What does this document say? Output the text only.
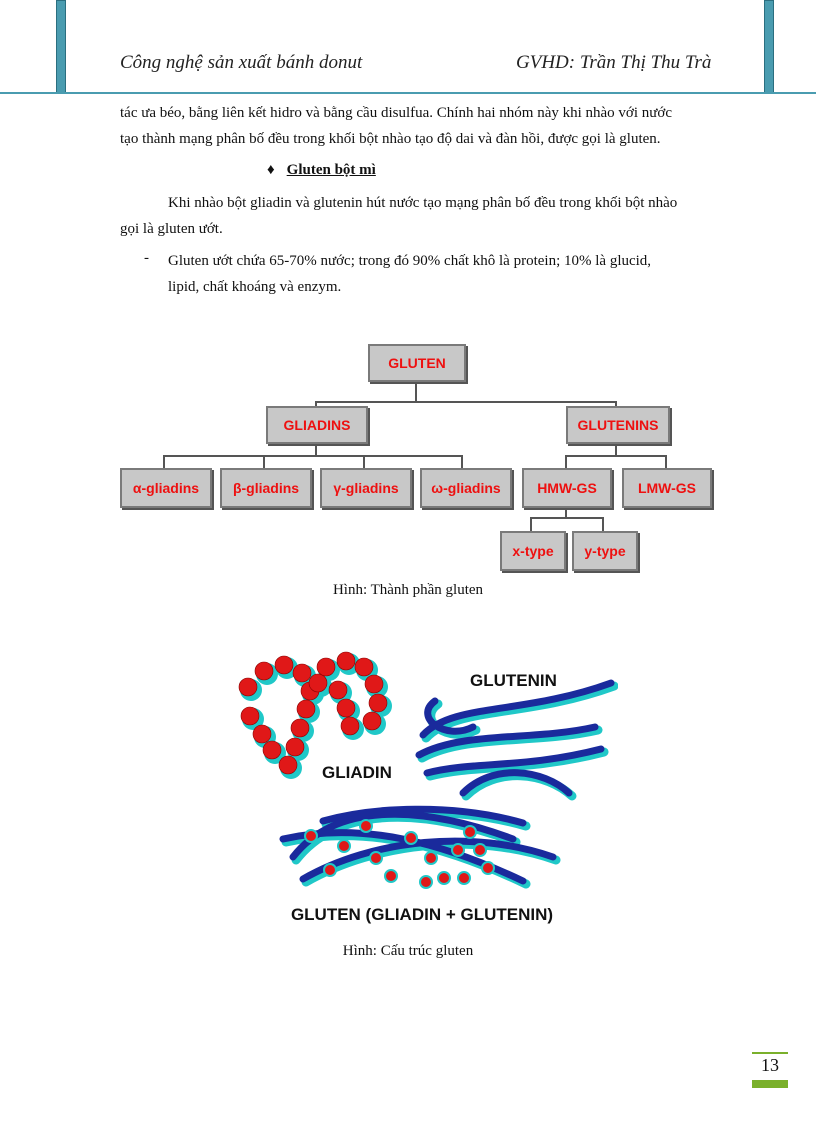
Công nghệ sản xuất bánh donut	GVHD: Trần Thị Thu Trà
tác ưa béo, bằng liên kết hidro và bằng cầu disulfua. Chính hai nhóm này khi nhào với nước
tạo thành mạng phân bố đều trong khối bột nhào tạo độ dai và đàn hồi, được gọi là gluten.
♦ Gluten bột mì
Khi nhào bột gliadin và glutenin hút nước tạo mạng phân bố đều trong khối bột nhào
gọi là gluten ướt.
- Gluten ướt chứa 65-70% nước; trong đó 90% chất khô là protein; 10% là glucid,
lipid, chất khoáng và enzym.
GLUTEN
GLIADINS	GLUTENINS
α-gliadins	β-gliadins	γ-gliadins	ω-gliadins	HMW-GS	LMW-GS
x-type	y-type
Hình: Thành phần gluten
GLIADIN
GLUTENIN
GLUTEN (GLIADIN + GLUTENIN)
Hình: Cấu trúc gluten
13
